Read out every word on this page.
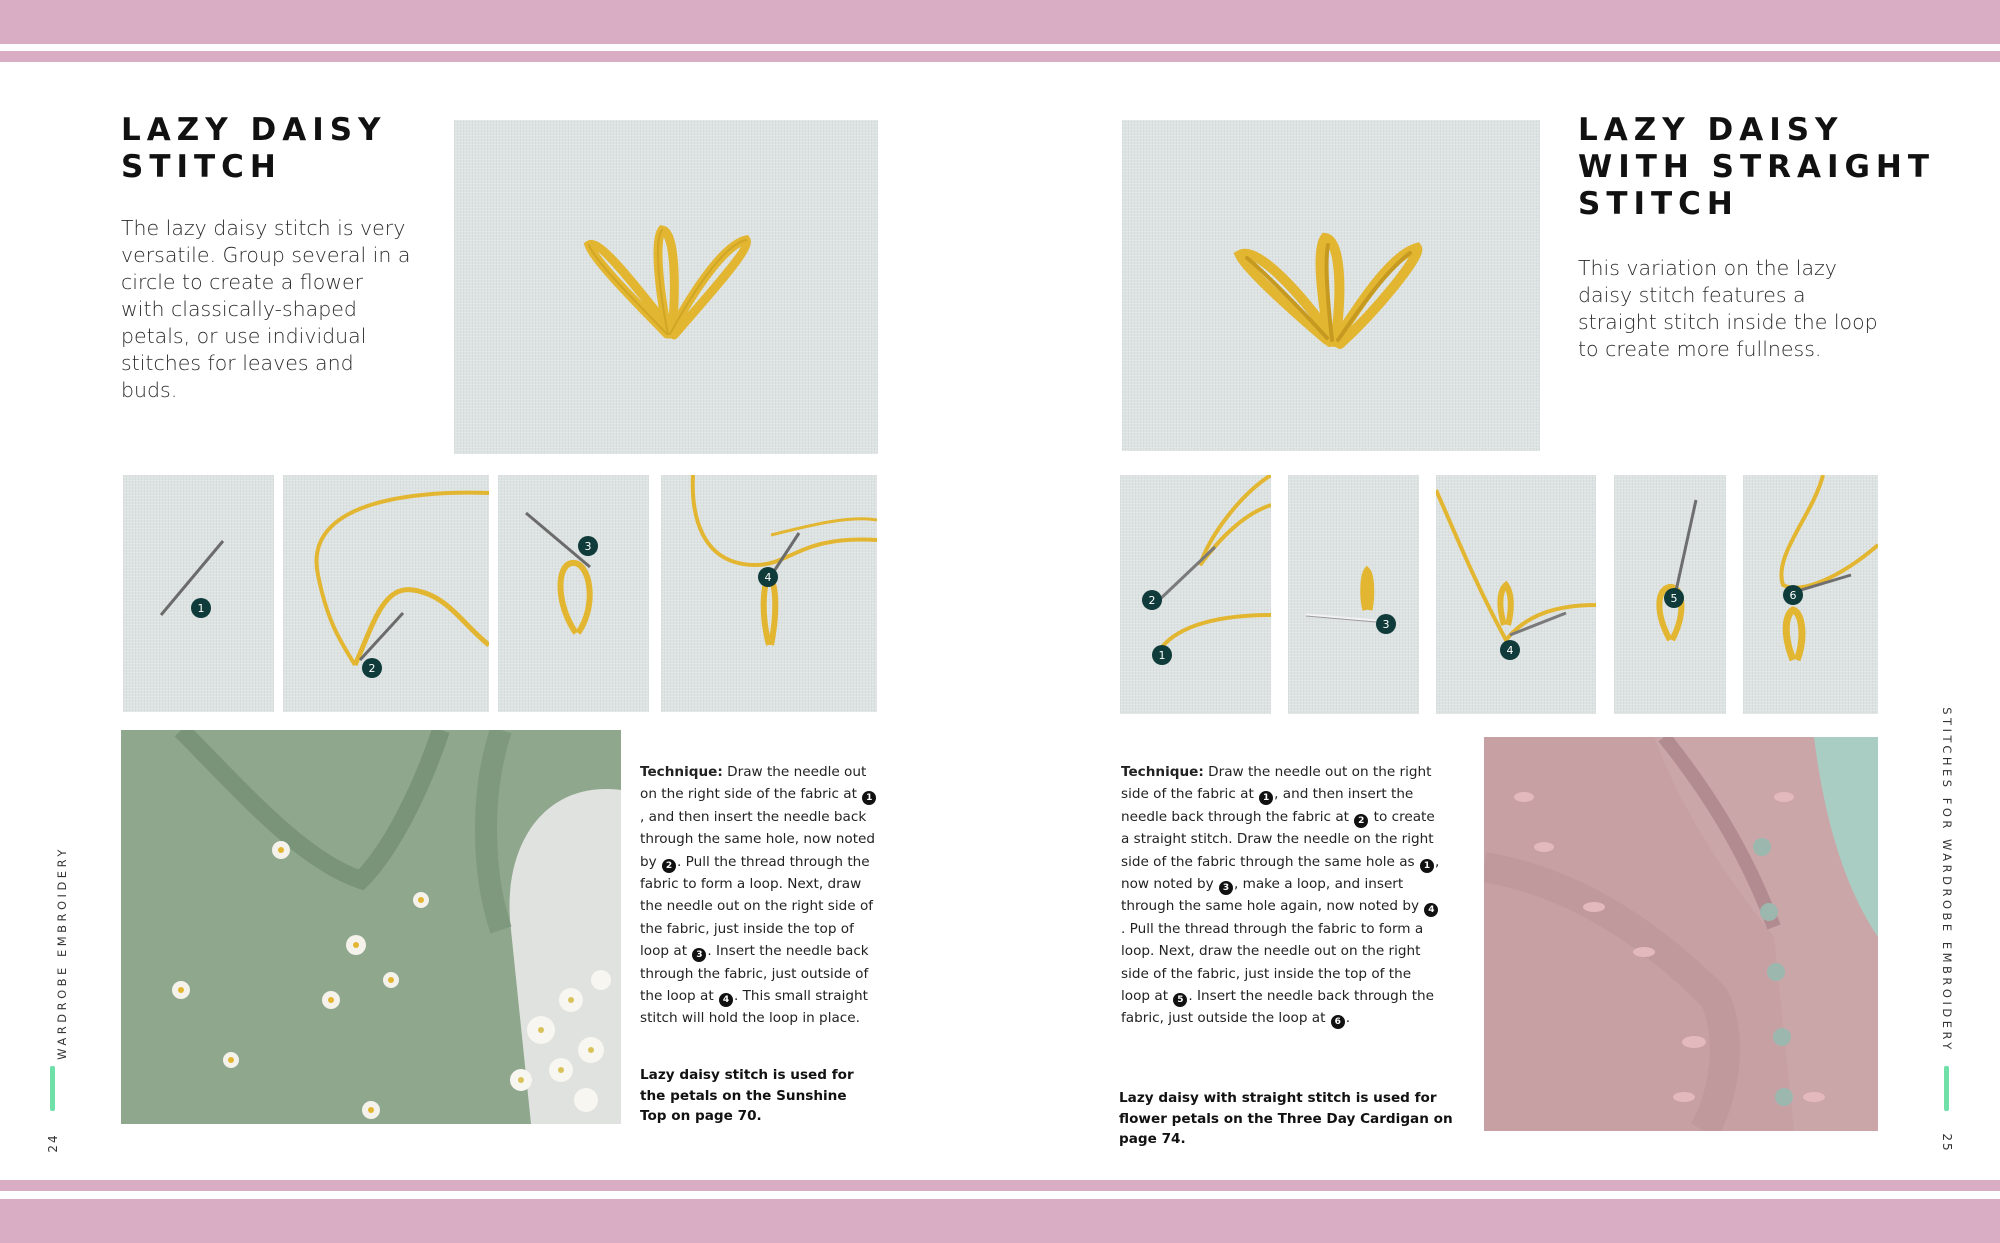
LAZY DAISY

STITCH

The lazy daisy stitch is very versatile. Group several in a circle to create a flower with classically-shaped petals, or use individual stitches for leaves and buds.

1
2
3
4

Technique: Draw the needle out on the right side of the fabric at 1, and then insert the needle back through the same hole, now noted by 2 . Pull the thread through the fabric to form a loop. Next, draw the needle out on the right side of the fabric, just inside the top of loop at 3 . Insert the needle back through the fabric, just outside of the loop at 4 . This small straight stitch will hold the loop in place.

Lazy daisy stitch is used for the petals on the Sunshine Top on page 70.

WARDROBE EMBROIDERY
24

LAZY DAISY

WITH STRAIGHT

STITCH

This variation on the lazy daisy stitch features a straight stitch inside the loop to create more fullness.

2
1
3
4
5	6

Technique: Draw the needle out on the right side of the fabric at 1 , and then insert the needle back through the fabric at 2 to create a straight stitch. Draw the needle on the right side of the fabric through the same hole as 1 , now noted by 3 , make a loop, and insert through the same hole again, now noted by 4. Pull the thread through the fabric to form a loop. Next, draw the needle out on the right side of the fabric, just inside the top of the loop at 5 . Insert the needle back through the fabric, just outside the loop at 6 .

Lazy daisy with straight stitch is used for flower petals on the Three Day Cardigan on page 74.

STITCHES FOR WARDROBE EMBROIDERY
25
